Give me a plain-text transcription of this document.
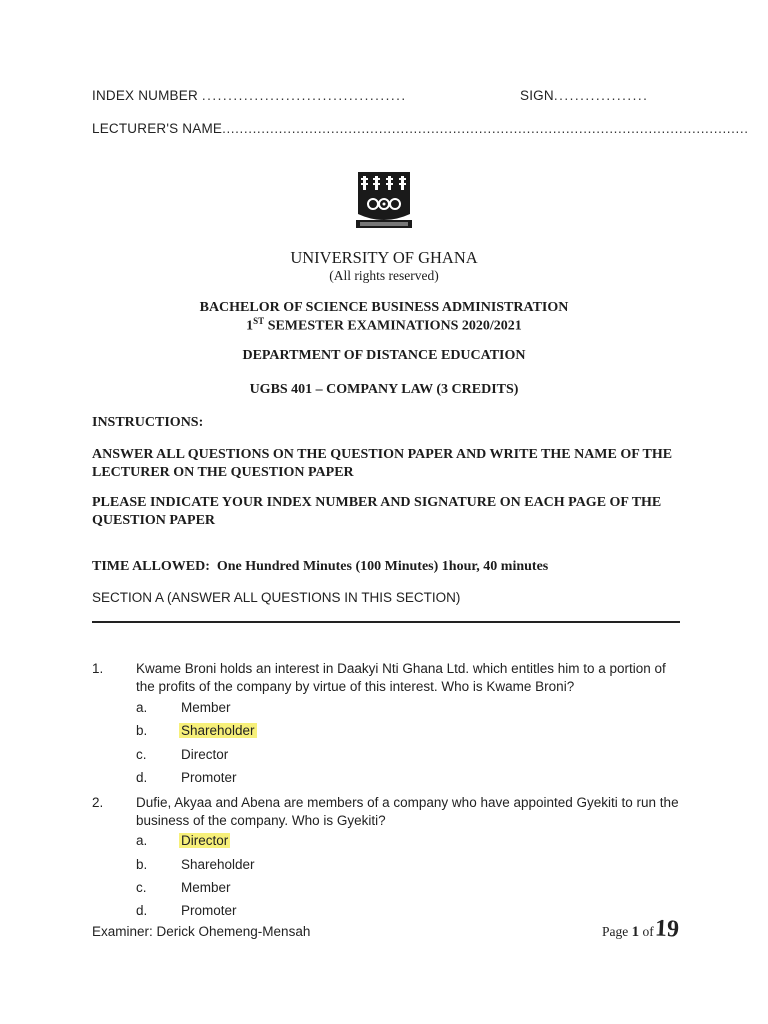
INDEX NUMBER .......................................	SIGN..................
LECTURER'S NAME.........................................................................................................................
UNIVERSITY OF GHANA
(All rights reserved)
BACHELOR OF SCIENCE BUSINESS ADMINISTRATION
1ST SEMESTER EXAMINATIONS 2020/2021
DEPARTMENT OF DISTANCE EDUCATION
UGBS 401 – COMPANY LAW (3 CREDITS)
INSTRUCTIONS:
ANSWER ALL QUESTIONS ON THE QUESTION PAPER AND WRITE THE NAME OF THE LECTURER ON THE QUESTION PAPER
PLEASE INDICATE YOUR INDEX NUMBER AND SIGNATURE ON EACH PAGE OF THE QUESTION PAPER
TIME ALLOWED: One Hundred Minutes (100 Minutes) 1hour, 40 minutes
SECTION A (ANSWER ALL QUESTIONS IN THIS SECTION)
1. Kwame Broni holds an interest in Daakyi Nti Ghana Ltd. which entitles him to a portion of the profits of the company by virtue of this interest. Who is Kwame Broni?
a. Member
b. Shareholder
c.	Director
d. Promoter
2. Dufie, Akyaa and Abena are members of a company who have appointed Gyekiti to run the business of the company. Who is Gyekiti?
a. Director
b. Shareholder
c.	Member
d. Promoter
Examiner: Derick Ohemeng-Mensah	Page 1 of19
